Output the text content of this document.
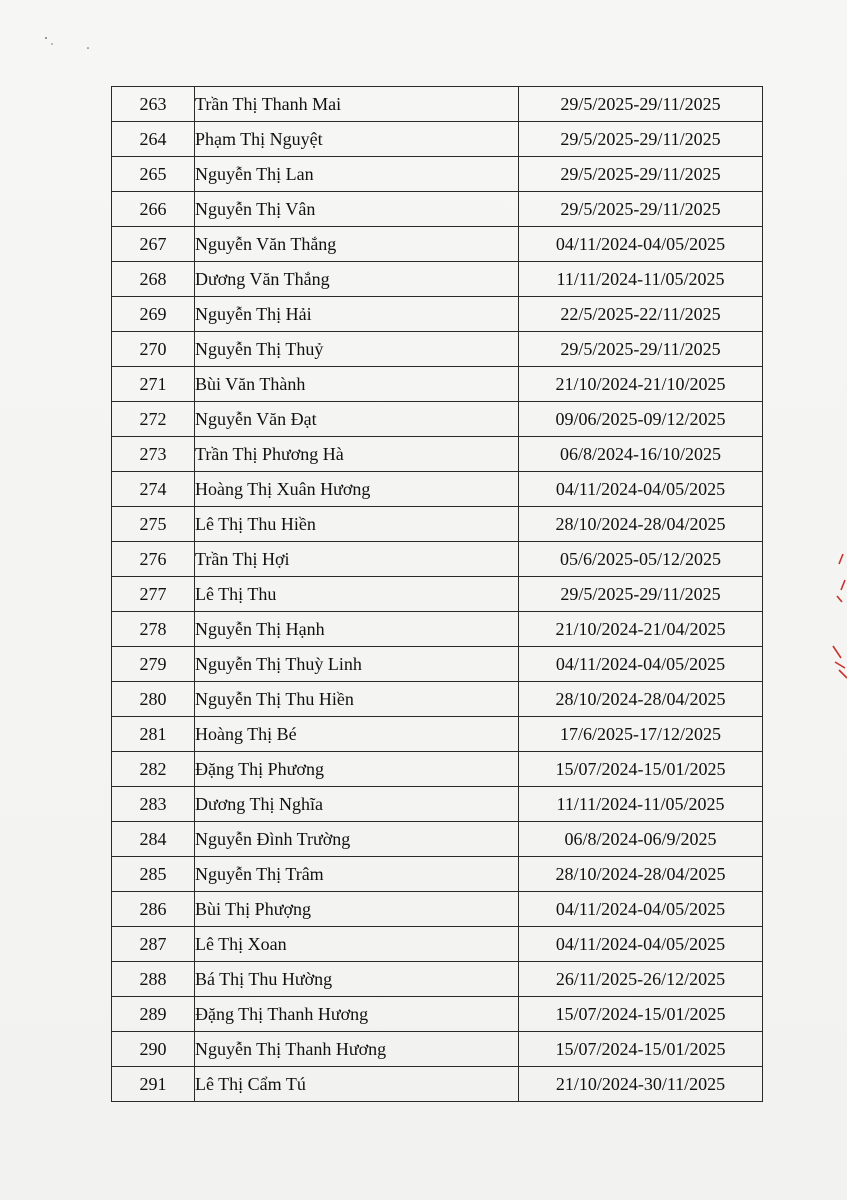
263	Trần Thị Thanh Mai	29/5/2025-29/11/2025
264	Phạm Thị Nguyệt	29/5/2025-29/11/2025
265	Nguyễn Thị Lan	29/5/2025-29/11/2025
266	Nguyễn Thị Vân	29/5/2025-29/11/2025
267	Nguyễn Văn Thắng	04/11/2024-04/05/2025
268	Dương Văn Thắng	11/11/2024-11/05/2025
269	Nguyễn Thị Hải	22/5/2025-22/11/2025
270	Nguyễn Thị Thuỷ	29/5/2025-29/11/2025
271	Bùi Văn Thành	21/10/2024-21/10/2025
272	Nguyễn Văn Đạt	09/06/2025-09/12/2025
273	Trần Thị Phương Hà	06/8/2024-16/10/2025
274	Hoàng Thị Xuân Hương	04/11/2024-04/05/2025
275	Lê Thị Thu Hiền	28/10/2024-28/04/2025
276	Trần Thị Hợi	05/6/2025-05/12/2025
277	Lê Thị Thu	29/5/2025-29/11/2025
278	Nguyễn Thị Hạnh	21/10/2024-21/04/2025
279	Nguyễn Thị Thuỳ Linh	04/11/2024-04/05/2025
280	Nguyễn Thị Thu Hiền	28/10/2024-28/04/2025
281	Hoàng Thị Bé	17/6/2025-17/12/2025
282	Đặng Thị Phương	15/07/2024-15/01/2025
283	Dương Thị Nghĩa	11/11/2024-11/05/2025
284	Nguyễn Đình Trường	06/8/2024-06/9/2025
285	Nguyễn Thị Trâm	28/10/2024-28/04/2025
286	Bùi Thị Phượng	04/11/2024-04/05/2025
287	Lê Thị Xoan	04/11/2024-04/05/2025
288	Bá Thị Thu Hường	26/11/2025-26/12/2025
289	Đặng Thị Thanh Hương	15/07/2024-15/01/2025
290	Nguyễn Thị Thanh Hương	15/07/2024-15/01/2025
291	Lê Thị Cẩm Tú	21/10/2024-30/11/2025
